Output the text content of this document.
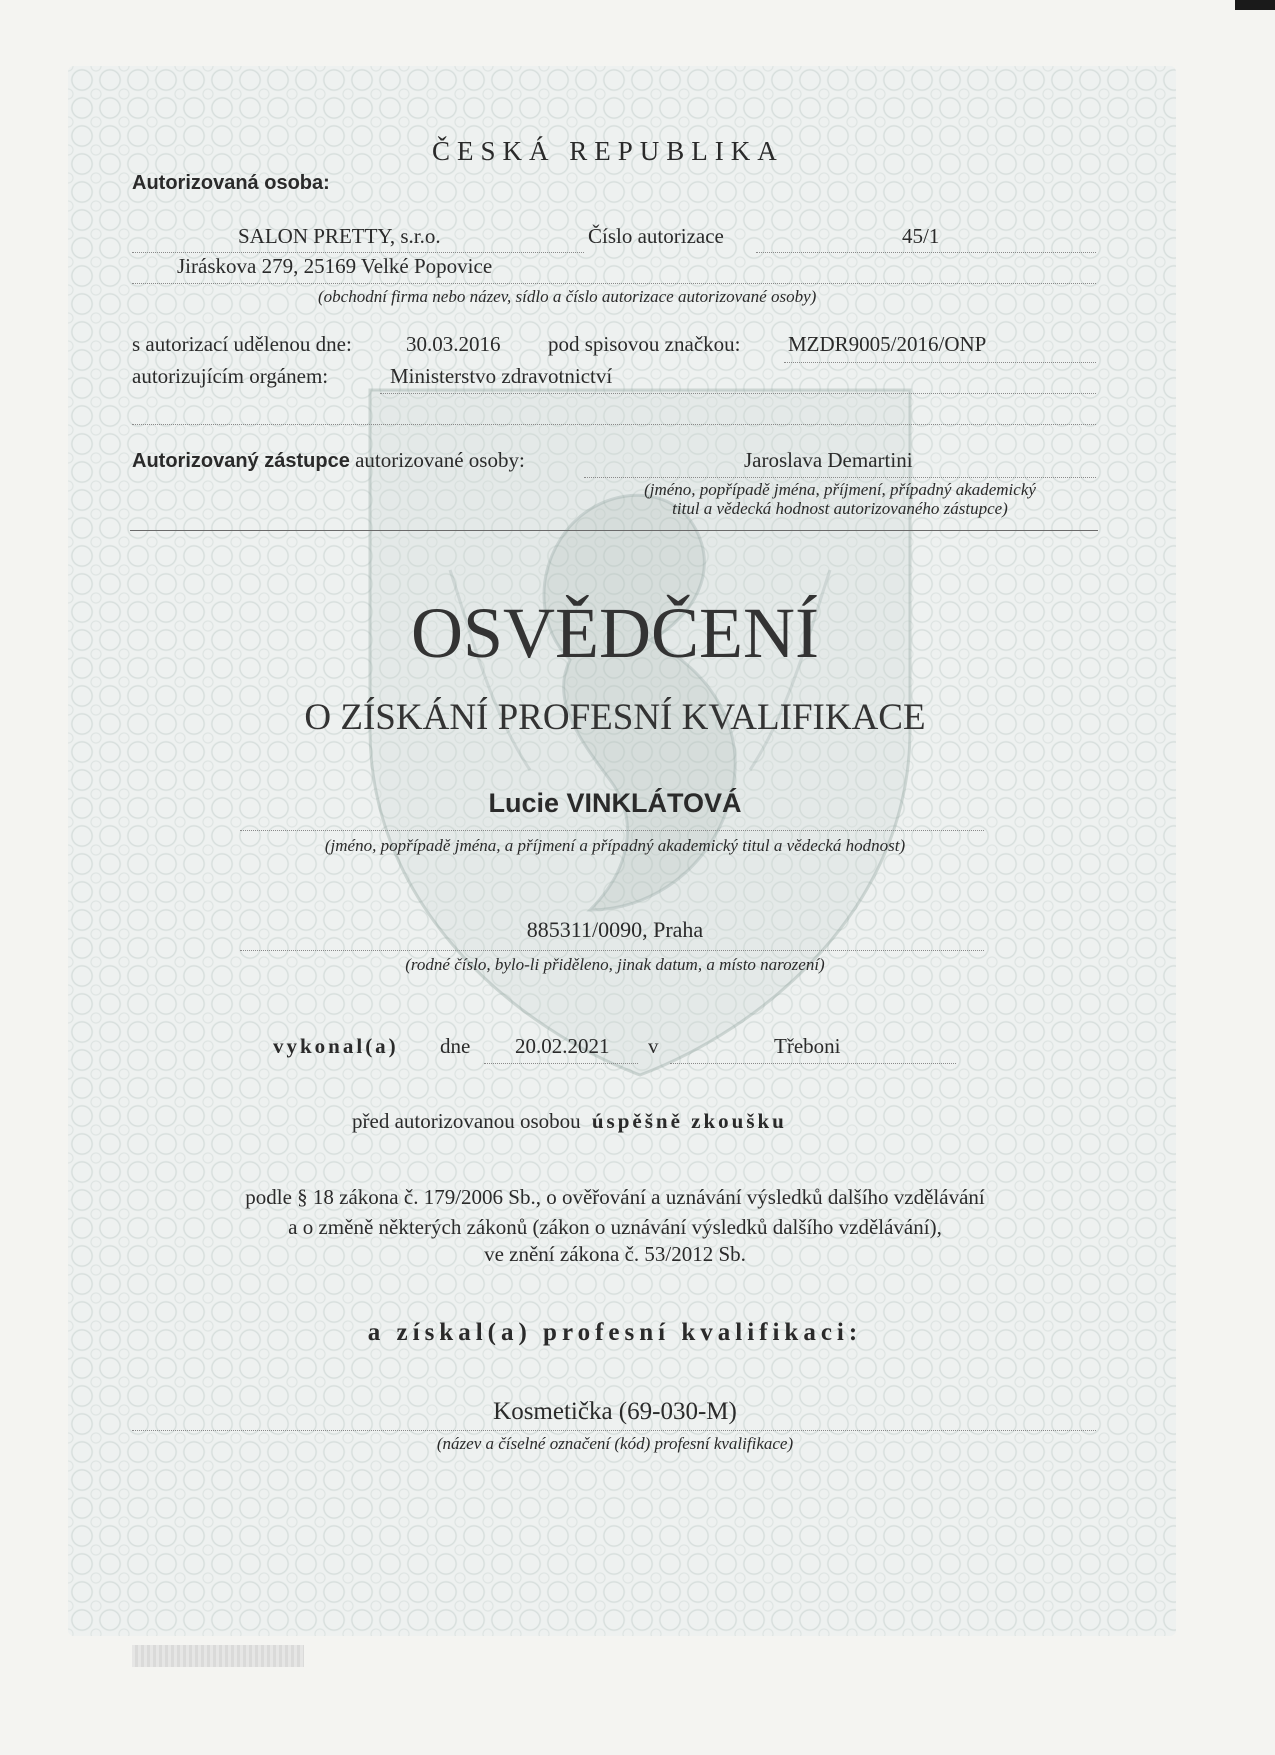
ČESKÁ REPUBLIKA
Autorizovaná osoba:
SALON PRETTY, s.r.o.	Číslo autorizace	45/1
Jiráskova 279, 25169 Velké Popovice
(obchodní firma nebo název, sídlo a číslo autorizace autorizované osoby)
s autorizací udělenou dne:	30.03.2016 pod spisovou značkou: MZDR9005/2016/ONP
autorizujícím orgánem:	Ministerstvo zdravotnictví
Autorizovaný zástupce autorizované osoby:	Jaroslava Demartini
(jméno, popřípadě jména, příjmení, případný akademický
titul a vědecká hodnost autorizovaného zástupce)
OSVĚDČENÍ
O ZÍSKÁNÍ PROFESNÍ KVALIFIKACE
Lucie VINKLÁTOVÁ
(jméno, popřípadě jména, a příjmení a případný akademický titul a vědecká hodnost)
885311/0090, Praha
(rodné číslo, bylo-li přiděleno, jinak datum, a místo narození)
vykonal(a) dne 20.02.2021 v	Třeboni
před autorizovanou osobou úspěšně zkoušku
podle § 18 zákona č. 179/2006 Sb., o ověřování a uznávání výsledků dalšího vzdělávání
a o změně některých zákonů (zákon o uznávání výsledků dalšího vzdělávání),
ve znění zákona č. 53/2012 Sb.
a získal(a) profesní kvalifikaci:
Kosmetička (69-030-M)
(název a číselné označení (kód) profesní kvalifikace)
